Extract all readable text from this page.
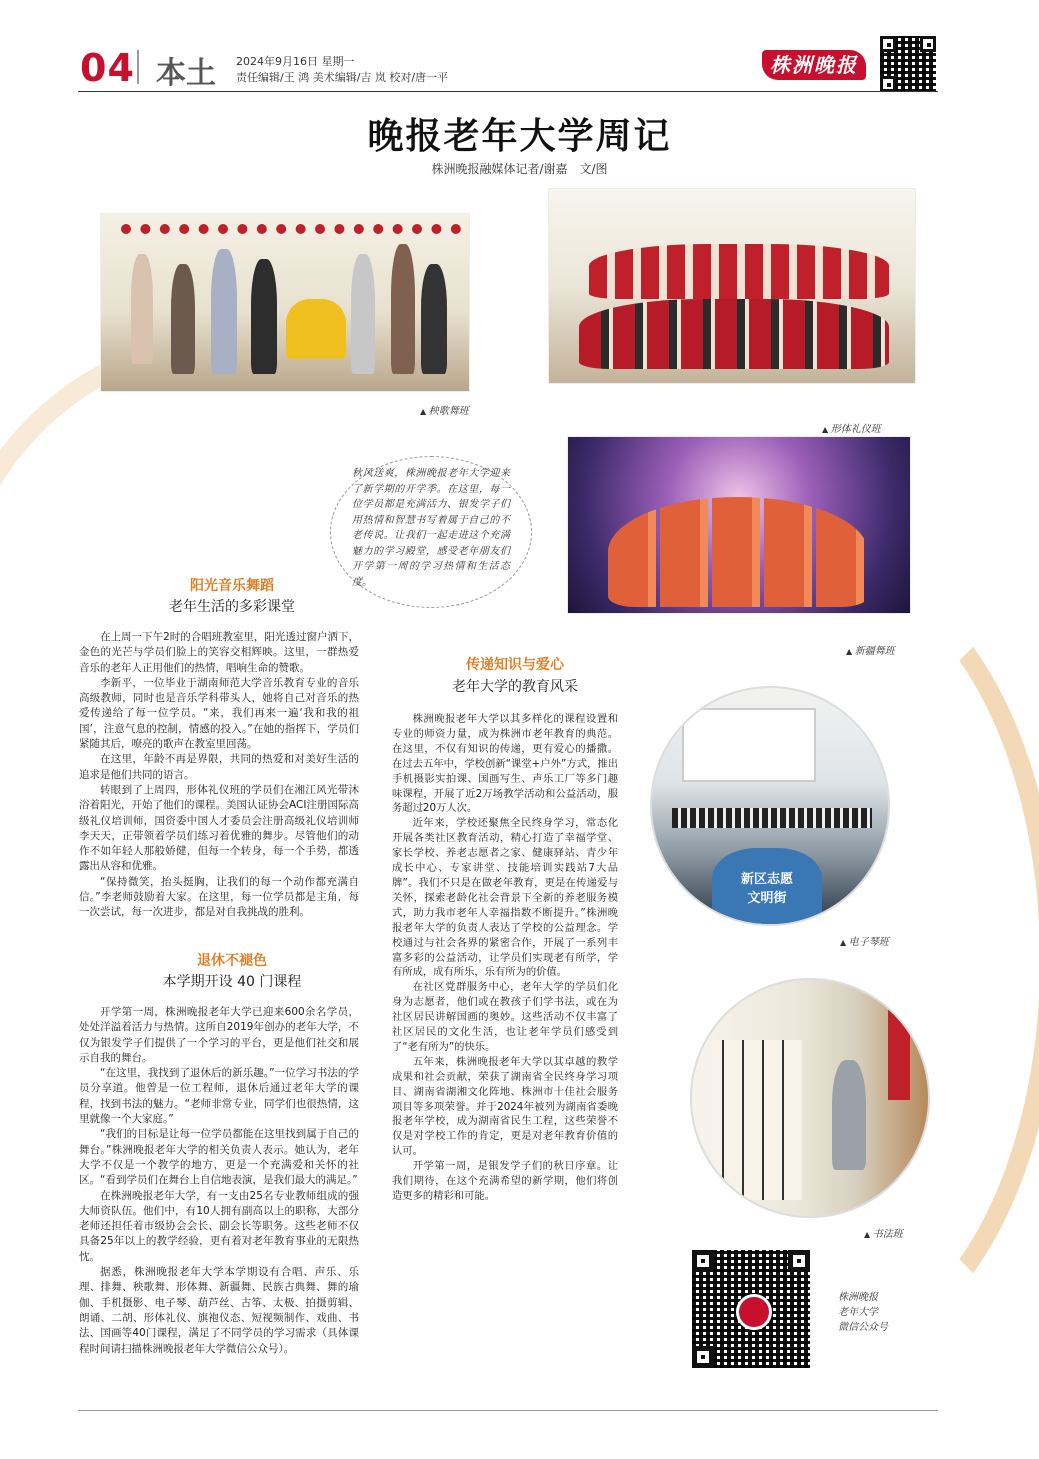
04 本土 2024年9月16日 星期一
责任编辑/王 鸿 美术编辑/吉 岚 校对/唐一平
株洲晚报
晚报老年大学周记
株洲晚报融媒体记者/谢嘉　文/图
▲ 秧歌舞班
▲ 形体礼仪班
秋风送爽，株洲晚报老年大学迎来了新学期的开学季。在这里，每一位学员都是充满活力、银发学子们用热情和智慧书写着属于自己的不老传说。让我们一起走进这个充满魅力的学习殿堂，感受老年朋友们开学第一周的学习热情和生活态度。
▲ 新疆舞班
阳光音乐舞蹈
老年生活的多彩课堂

在上周一下午2时的合唱班教室里，阳光透过窗户洒下，金色的光芒与学员们脸上的笑容交相辉映。这里，一群热爱音乐的老年人正用他们的热情，唱响生命的赞歌。

李新平，一位毕业于湖南师范大学音乐教育专业的音乐高级教师，同时也是音乐学科带头人，她将自己对音乐的热爱传递给了每一位学员。“来，我们再来一遍‘我和我的祖国’，注意气息的控制，情感的投入。”在她的指挥下，学员们紧随其后，嘹亮的歌声在教室里回荡。

在这里，年龄不再是界限，共同的热爱和对美好生活的追求是他们共同的语言。

转眼到了上周四，形体礼仪班的学员们在湘江风光带沐浴着阳光，开始了他们的课程。美国认证协会ACI注册国际高级礼仪培训师，国资委中国人才委员会注册高级礼仪培训师李天天，正带领着学员们练习着优雅的舞步。尽管他们的动作不如年轻人那般娇健，但每一个转身，每一个手势，都透露出从容和优雅。

“保持微笑，抬头挺胸，让我们的每一个动作都充满自信。”李老师鼓励着大家。在这里，每一位学员都是主角，每一次尝试，每一次进步，都是对自我挑战的胜利。

退休不褪色
本学期开设 40 门课程

开学第一周，株洲晚报老年大学已迎来600余名学员，处处洋溢着活力与热情。这所自2019年创办的老年大学，不仅为银发学子们提供了一个学习的平台，更是他们社交和展示自我的舞台。

“在这里，我找到了退休后的新乐趣。”一位学习书法的学员分享道。他曾是一位工程师，退休后通过老年大学的课程，找到书法的魅力。“老师非常专业，同学们也很热情，这里就像一个大家庭。”

“我们的目标是让每一位学员都能在这里找到属于自己的舞台。”株洲晚报老年大学的相关负责人表示。她认为，老年大学不仅是一个教学的地方，更是一个充满爱和关怀的社区。“看到学员们在舞台上自信地表演，是我们最大的满足。”

在株洲晚报老年大学，有一支由25名专业教师组成的强大师资队伍。他们中，有10人拥有副高以上的职称，大部分老师还担任着市级协会会长、副会长等职务。这些老师不仅具备25年以上的教学经验，更有着对老年教育事业的无限热忱。

据悉，株洲晚报老年大学本学期设有合唱、声乐、乐理、排舞、秧歌舞、形体舞、新疆舞、民族古典舞、舞的瑜伽、手机摄影、电子琴、葫芦丝、古筝、太极、拍摄剪辑、朗诵、二胡、形体礼仪、旗袍仪态、短视频制作、戏曲、书法、国画等40门课程，满足了不同学员的学习需求（具体课程时间请扫描株洲晚报老年大学微信公众号）。

传递知识与爱心
老年大学的教育风采

株洲晚报老年大学以其多样化的课程设置和专业的师资力量，成为株洲市老年教育的典范。在这里，不仅有知识的传递，更有爱心的播撒。在过去五年中，学校创新“课堂+户外”方式，推出手机摄影实拍课、国画写生、声乐工厂等多门趣味课程，开展了近2万场教学活动和公益活动，服务超过20万人次。

近年来，学校还聚焦全民终身学习，常态化开展各类社区教育活动，精心打造了幸福学堂、家长学校、养老志愿者之家、健康驿站、青少年成长中心、专家讲堂、技能培训实践站7大品牌”。我们不只是在做老年教育，更是在传递爱与关怀，探索老龄化社会背景下全新的养老服务模式，助力我市老年人幸福指数不断提升。”株洲晚报老年大学的负责人表达了学校的公益理念。学校通过与社会各界的紧密合作，开展了一系列丰富多彩的公益活动，让学员们实现老有所学，学有所成，成有所乐，乐有所为的价值。

在社区党群服务中心，老年大学的学员们化身为志愿者，他们或在教孩子们学书法，或在为社区居民讲解国画的奥妙。这些活动不仅丰富了社区居民的文化生活，也让老年学员们感受到了“老有所为”的快乐。

五年来，株洲晚报老年大学以其卓越的教学成果和社会贡献，荣获了湖南省全民终身学习项目、湖南省湖湘文化阵地、株洲市十佳社会服务项目等多项荣誉。并于2024年被列为湖南省委晚报老年学校，成为湖南省民生工程，这些荣誉不仅是对学校工作的肯定，更是对老年教育价值的认可。

开学第一周，是银发学子们的秋日序章。让我们期待，在这个充满希望的新学期，他们将创造更多的精彩和可能。

新区志愿
文明街
▲ 电子琴班
▲ 书法班
株洲晚报
老年大学
微信公众号
